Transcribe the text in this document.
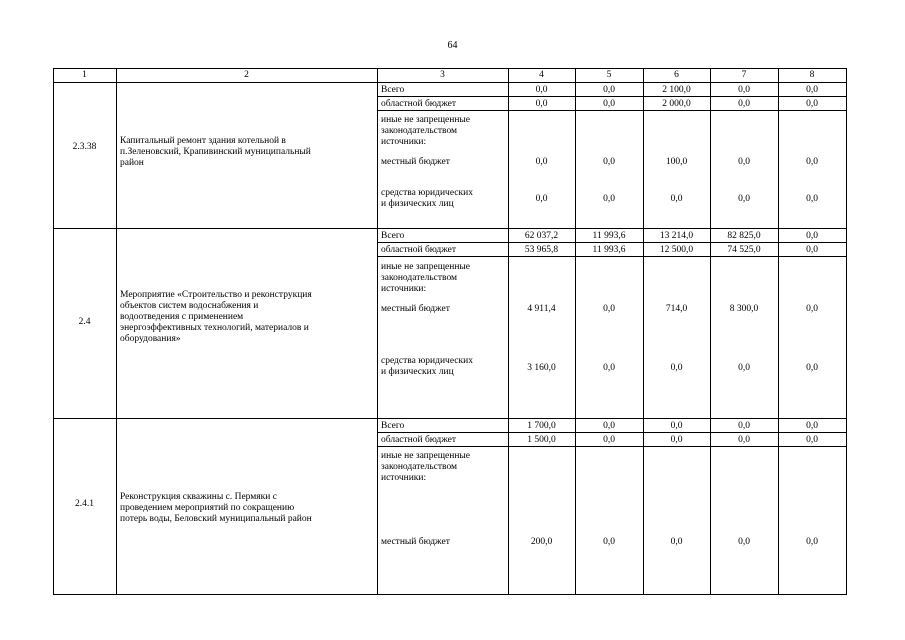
64
1	2	3	4	5	6	7	8
2.3.38
Капитальный ремонт здания котельной в
п.Зеленовский, Крапивинский муниципальный
район
Всего	0,0	0,0	2 100,0	0,0	0,0
областной бюджет	0,0	0,0	2 000,0	0,0	0,0
иные не запрещенные
законодательством
источники:
местный бюджет	0,0	0,0	100,0	0,0	0,0
средства юридических
и физических лиц	0,0	0,0	0,0	0,0	0,0
2.4
Мероприятие «Строительство и реконструкция
объектов систем водоснабжения и
водоотведения с применением
энергоэффективных технологий, материалов и
оборудования»
Всего	62 037,2	11 993,6	13 214,0	82 825,0	0,0
областной бюджет	53 965,8	11 993,6	12 500,0	74 525,0	0,0
иные не запрещенные
законодательством
источники:
местный бюджет	4 911,4	0,0	714,0	8 300,0	0,0
средства юридических
и физических лиц	3 160,0	0,0	0,0	0,0	0,0
2.4.1
Реконструкция скважины с. Пермяки с
проведением мероприятий по сокращению
потерь воды, Беловский муниципальный район
Всего	1 700,0	0,0	0,0	0,0	0,0
областной бюджет	1 500,0	0,0	0,0	0,0	0,0
иные не запрещенные
законодательством
источники:
местный бюджет	200,0	0,0	0,0	0,0	0,0
